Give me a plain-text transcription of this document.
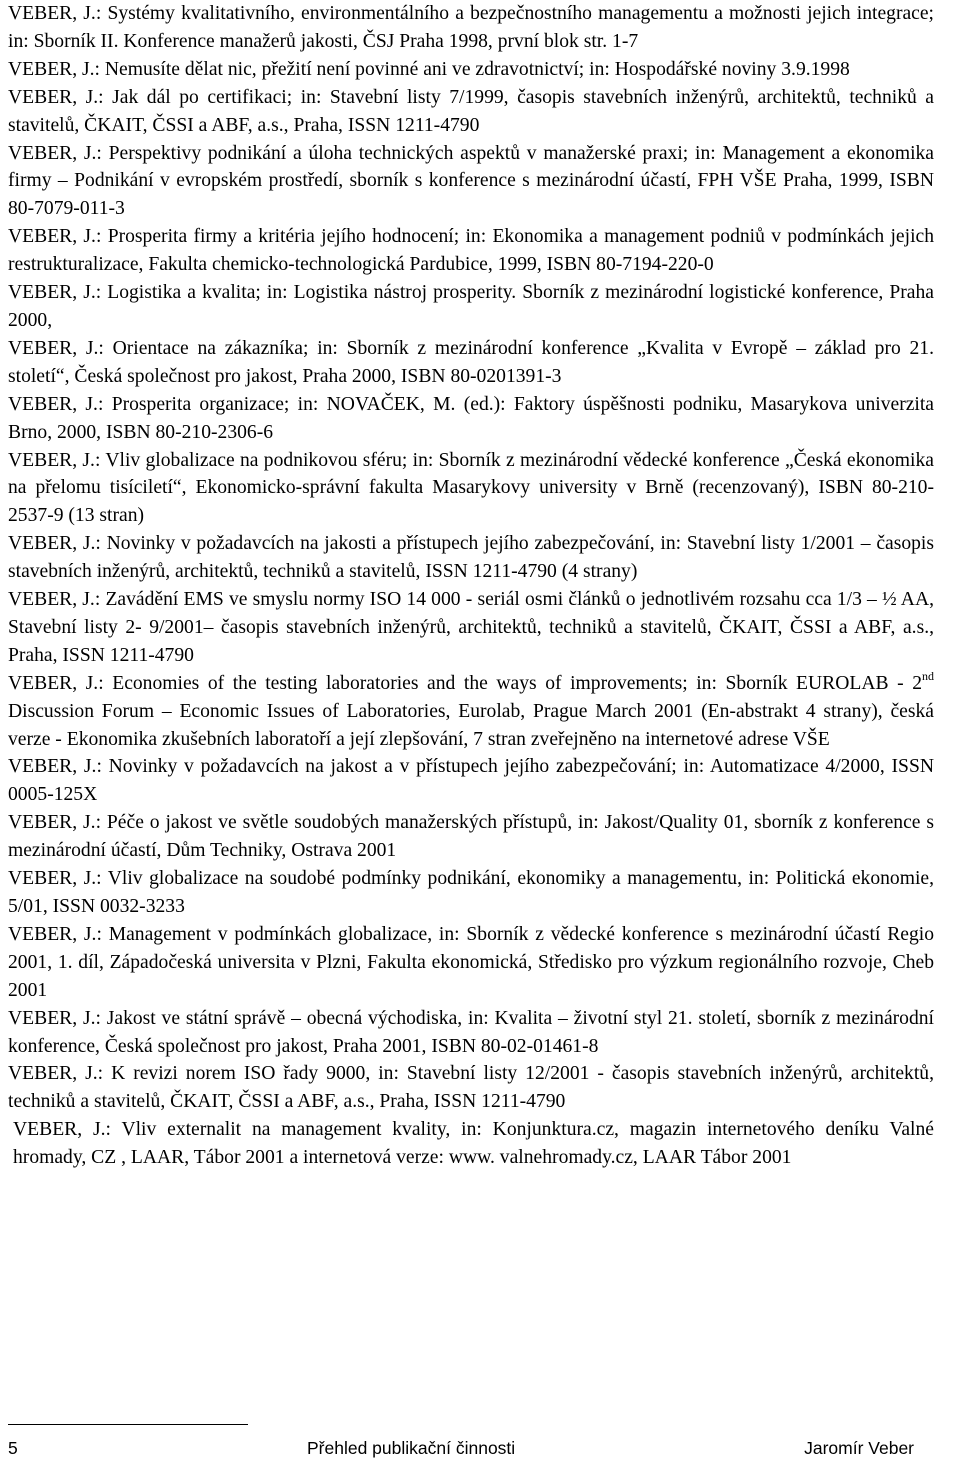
VEBER, J.: Systémy kvalitativního, environmentálního a bezpečnostního managementu a možnosti jejich integrace; in: Sborník II. Konference manažerů jakosti, ČSJ Praha 1998, první blok str. 1-7
VEBER, J.: Nemusíte dělat nic, přežití není povinné ani ve zdravotnictví; in: Hospodářské noviny 3.9.1998
VEBER, J.: Jak dál po certifikaci; in: Stavební listy 7/1999, časopis stavebních inženýrů, architektů, techniků a stavitelů, ČKAIT, ČSSI a ABF, a.s., Praha, ISSN 1211-4790
VEBER, J.: Perspektivy podnikání a úloha technických aspektů v manažerské praxi; in: Management a ekonomika firmy – Podnikání v evropském prostředí, sborník s konference s mezinárodní účastí, FPH VŠE Praha, 1999, ISBN 80-7079-011-3
VEBER, J.: Prosperita firmy a kritéria jejího hodnocení; in: Ekonomika a management podniů v podmínkách jejich restrukturalizace, Fakulta chemicko-technologická Pardubice, 1999, ISBN 80-7194-220-0
VEBER, J.: Logistika a kvalita; in: Logistika nástroj prosperity. Sborník z mezinárodní logistické konference, Praha 2000,
VEBER, J.: Orientace na zákazníka; in: Sborník z mezinárodní konference „Kvalita v Evropě – základ pro 21. století“, Česká společnost pro jakost, Praha 2000, ISBN 80-0201391-3
VEBER, J.: Prosperita organizace; in: NOVAČEK, M. (ed.): Faktory úspěšnosti podniku, Masarykova univerzita Brno, 2000, ISBN 80-210-2306-6
VEBER, J.: Vliv globalizace na podnikovou sféru; in: Sborník z mezinárodní vědecké konference „Česká ekonomika na přelomu tisíciletí“, Ekonomicko-správní fakulta Masarykovy university v Brně (recenzovaný), ISBN 80-210-2537-9 (13 stran)
VEBER, J.: Novinky v požadavcích na jakosti a přístupech jejího zabezpečování, in: Stavební listy 1/2001 – časopis stavebních inženýrů, architektů, techniků a stavitelů, ISSN 1211-4790 (4 strany)
VEBER, J.: Zavádění EMS ve smyslu normy ISO 14 000 - seriál osmi článků o jednotlivém rozsahu cca 1/3 – ½ AA, Stavební listy 2- 9/2001– časopis stavebních inženýrů, architektů, techniků a stavitelů, ČKAIT, ČSSI a ABF, a.s., Praha, ISSN 1211-4790
VEBER, J.: Economies of the testing laboratories and the ways of improvements; in: Sborník EUROLAB - 2nd Discussion Forum – Economic Issues of Laboratories, Eurolab, Prague March 2001 (En-abstrakt 4 strany), česká verze - Ekonomika zkušebních laboratoří a její zlepšování, 7 stran zveřejněno na internetové adrese VŠE
VEBER, J.: Novinky v požadavcích na jakost a v přístupech jejího zabezpečování; in: Automatizace 4/2000, ISSN 0005-125X
VEBER, J.: Péče o jakost ve světle soudobých manažerských přístupů, in: Jakost/Quality 01, sborník z konference s mezinárodní účastí, Dům Techniky, Ostrava 2001
VEBER, J.: Vliv globalizace na soudobé podmínky podnikání, ekonomiky a managementu, in: Politická ekonomie, 5/01, ISSN 0032-3233
VEBER, J.: Management v podmínkách globalizace, in: Sborník z vědecké konference s mezinárodní účastí Regio 2001, 1. díl, Západočeská universita v Plzni, Fakulta ekonomická, Středisko pro výzkum regionálního rozvoje, Cheb 2001
VEBER, J.: Jakost ve státní správě – obecná východiska, in: Kvalita – životní styl 21. století, sborník z mezinárodní konference, Česká společnost pro jakost, Praha 2001, ISBN 80-02-01461-8
VEBER, J.: K revizi norem ISO řady 9000, in: Stavební listy 12/2001 - časopis stavebních inženýrů, architektů, techniků a stavitelů, ČKAIT, ČSSI a ABF, a.s., Praha, ISSN 1211-4790
VEBER, J.: Vliv externalit na management kvality, in: Konjunktura.cz, magazin internetového deníku Valné hromady, CZ , LAAR, Tábor 2001 a internetová verze: www. valnehromady.cz, LAAR Tábor 2001
5	Přehled publikační činnosti	Jaromír Veber
